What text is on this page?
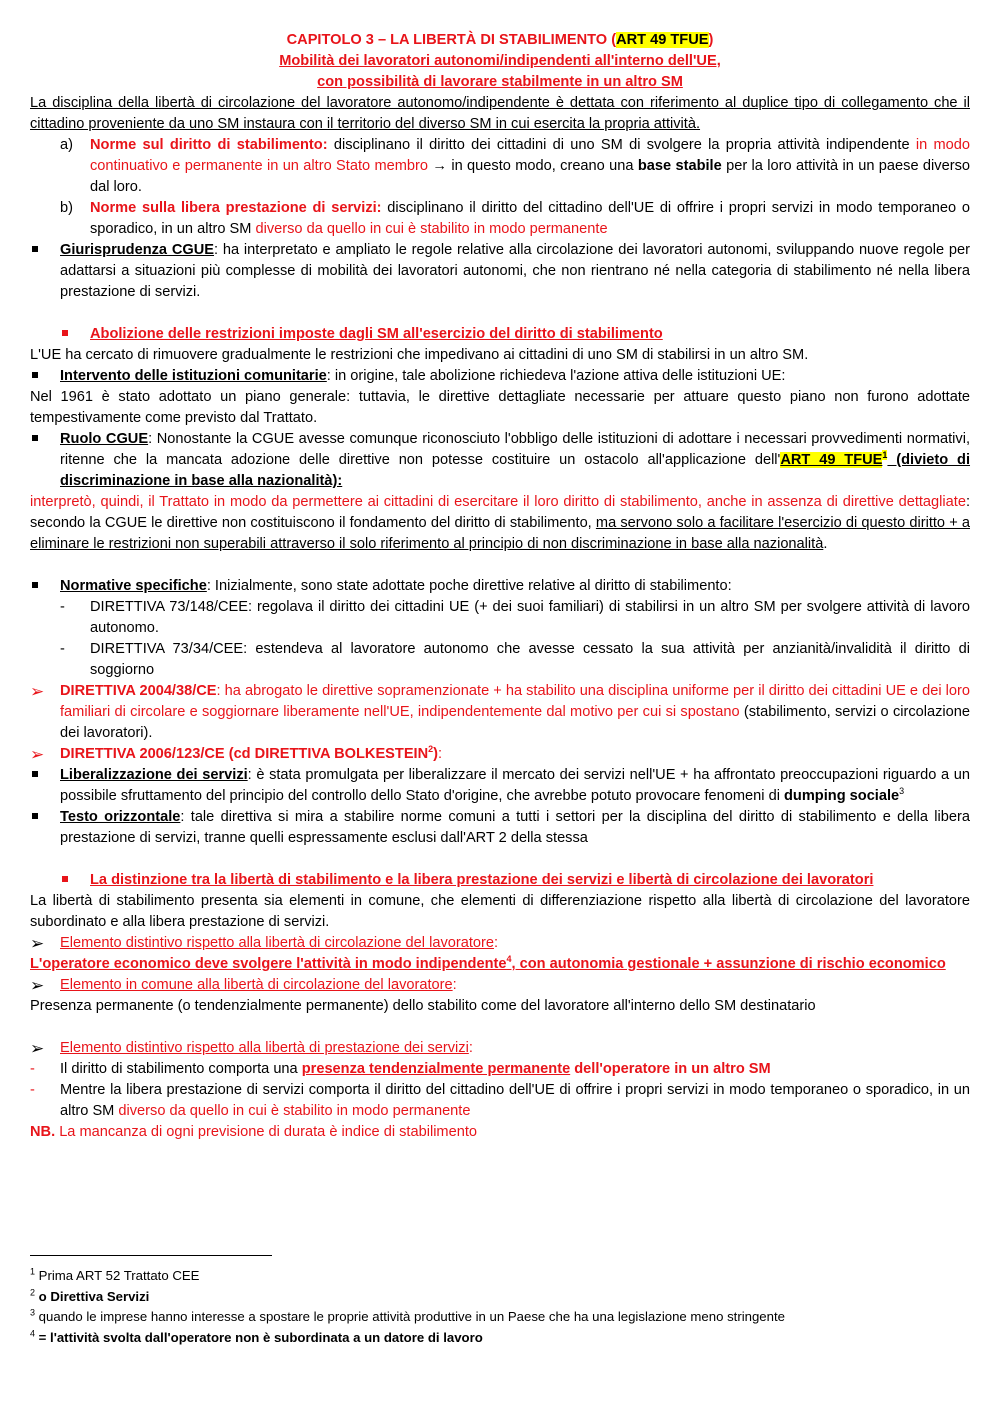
CAPITOLO 3 – LA LIBERTÀ DI STABILIMENTO (ART 49 TFUE)
Mobilità dei lavoratori autonomi/indipendenti all'interno dell'UE,
con possibilità di lavorare stabilmente in un altro SM
La disciplina della libertà di circolazione del lavoratore autonomo/indipendente è dettata con riferimento al duplice tipo di collegamento che il cittadino proveniente da uno SM instaura con il territorio del diverso SM in cui esercita la propria attività.
a)	Norme sul diritto di stabilimento: disciplinano il diritto dei cittadini di uno SM di svolgere la propria attività indipendente in modo continuativo e permanente in un altro Stato membro → in questo modo, creano una base stabile per la loro attività in un paese diverso dal loro.
b)	Norme sulla libera prestazione di servizi: disciplinano il diritto del cittadino dell'UE di offrire i propri servizi in modo temporaneo o sporadico, in un altro SM diverso da quello in cui è stabilito in modo permanente
Giurisprudenza CGUE: ha interpretato e ampliato le regole relative alla circolazione dei lavoratori autonomi, sviluppando nuove regole per adattarsi a situazioni più complesse di mobilità dei lavoratori autonomi, che non rientrano né nella categoria di stabilimento né nella libera prestazione di servizi.
Abolizione delle restrizioni imposte dagli SM all'esercizio del diritto di stabilimento
L'UE ha cercato di rimuovere gradualmente le restrizioni che impedivano ai cittadini di uno SM di stabilirsi in un altro SM.
Intervento delle istituzioni comunitarie: in origine, tale abolizione richiedeva l'azione attiva delle istituzioni UE:
Nel 1961 è stato adottato un piano generale: tuttavia, le direttive dettagliate necessarie per attuare questo piano non furono adottate tempestivamente come previsto dal Trattato.
Ruolo CGUE: Nonostante la CGUE avesse comunque riconosciuto l'obbligo delle istituzioni di adottare i necessari provvedimenti normativi, ritenne che la mancata adozione delle direttive non potesse costituire un ostacolo all'applicazione dell'ART 49 TFUE$^1$ (divieto di discriminazione in base alla nazionalità):
interpretò, quindi, il Trattato in modo da permettere ai cittadini di esercitare il loro diritto di stabilimento, anche in assenza di direttive dettagliate: secondo la CGUE le direttive non costituiscono il fondamento del diritto di stabilimento, ma servono solo a facilitare l'esercizio di questo diritto + a eliminare le restrizioni non superabili attraverso il solo riferimento al principio di non discriminazione in base alla nazionalità.
Normative specifiche: Inizialmente, sono state adottate poche direttive relative al diritto di stabilimento:
-	DIRETTIVA 73/148/CEE: regolava il diritto dei cittadini UE (+ dei suoi familiari) di stabilirsi in un altro SM per svolgere attività di lavoro autonomo.
-	DIRETTIVA 73/34/CEE: estendeva al lavoratore autonomo che avesse cessato la sua attività per anzianità/invalidità il diritto di soggiorno
➢	DIRETTIVA 2004/38/CE: ha abrogato le direttive sopramenzionate + ha stabilito una disciplina uniforme per il diritto dei cittadini UE e dei loro familiari di circolare e soggiornare liberamente nell'UE, indipendentemente dal motivo per cui si spostano (stabilimento, servizi o circolazione dei lavoratori).
➢	DIRETTIVA 2006/123/CE (cd DIRETTIVA BOLKESTEIN$^2$):
Liberalizzazione dei servizi: è stata promulgata per liberalizzare il mercato dei servizi nell'UE + ha affrontato preoccupazioni riguardo a un possibile sfruttamento del principio del controllo dello Stato d'origine, che avrebbe potuto provocare fenomeni di dumping sociale$^3$
Testo orizzontale: tale direttiva si mira a stabilire norme comuni a tutti i settori per la disciplina del diritto di stabilimento e della libera prestazione di servizi, tranne quelli espressamente esclusi dall'ART 2 della stessa
La distinzione tra la libertà di stabilimento e la libera prestazione dei servizi e libertà di circolazione dei lavoratori
La libertà di stabilimento presenta sia elementi in comune, che elementi di differenziazione rispetto alla libertà di circolazione del lavoratore subordinato e alla libera prestazione di servizi.
➢	Elemento distintivo rispetto alla libertà di circolazione del lavoratore:
L'operatore economico deve svolgere l'attività in modo indipendente$^4$, con autonomia gestionale + assunzione di rischio economico
➢	Elemento in comune alla libertà di circolazione del lavoratore:
Presenza permanente (o tendenzialmente permanente) dello stabilito come del lavoratore all'interno dello SM destinatario
➢	Elemento distintivo rispetto alla libertà di prestazione dei servizi:
-	Il diritto di stabilimento comporta una presenza tendenzialmente permanente dell'operatore in un altro SM
-	Mentre la libera prestazione di servizi comporta il diritto del cittadino dell'UE di offrire i propri servizi in modo temporaneo o sporadico, in un altro SM diverso da quello in cui è stabilito in modo permanente
NB. La mancanza di ogni previsione di durata è indice di stabilimento
$^1$ Prima ART 52 Trattato CEE
$^2$ o Direttiva Servizi
$^3$ quando le imprese hanno interesse a spostare le proprie attività produttive in un Paese che ha una legislazione meno stringente
$^4$ = l'attività svolta dall'operatore non è subordinata a un datore di lavoro
